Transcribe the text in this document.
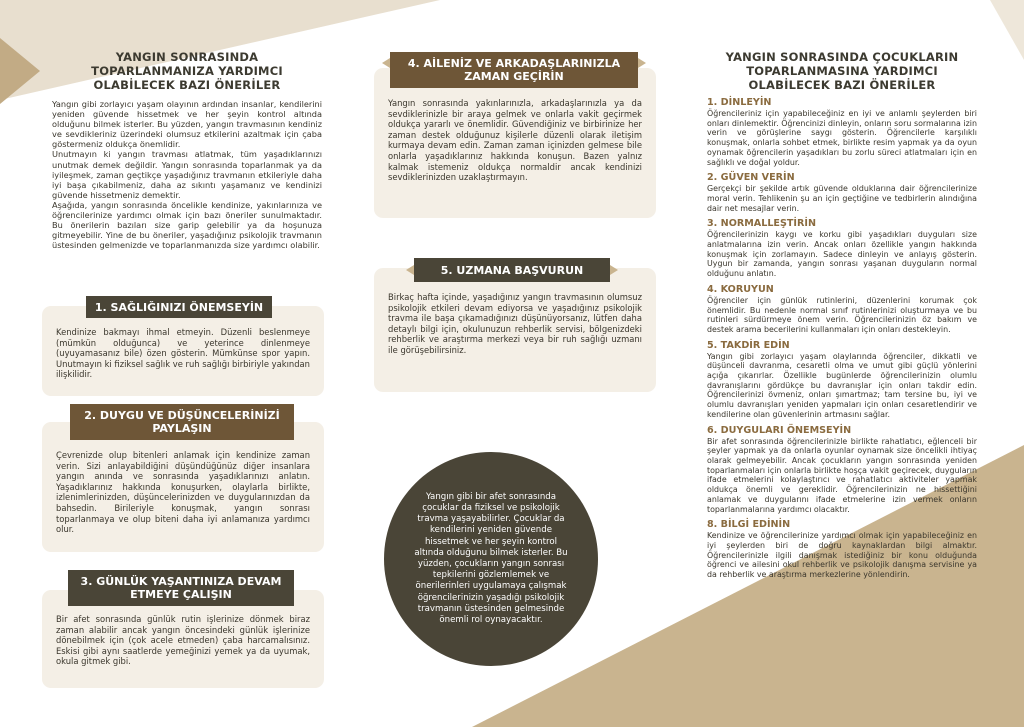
YANGIN SONRASINDA TOPARLANMANIZA YARDIMCI OLABİLECEK BAZI ÖNERİLER
Yangın gibi zorlayıcı yaşam olayının ardından insanlar, kendilerini yeniden güvende hissetmek ve her şeyin kontrol altında olduğunu bilmek isterler. Bu yüzden, yangın travmasının kendiniz ve sevdikleriniz üzerindeki olumsuz etkilerini azaltmak için çaba göstermeniz oldukça önemlidir.
Unutmayın ki yangın travması atlatmak, tüm yaşadıklarınızı unutmak demek değildir. Yangın sonrasında toparlanmak ya da iyileşmek, zaman geçtikçe yaşadığınız travmanın etkileriyle daha iyi başa çıkabilmeniz, daha az sıkıntı yaşamanız ve kendinizi güvende hissetmeniz demektir.
Aşağıda, yangın sonrasında öncelikle kendinize, yakınlarınıza ve öğrencilerinize yardımcı olmak için bazı öneriler sunulmaktadır. Bu önerilerin bazıları size garip gelebilir ya da hoşunuza gitmeyebilir. Yine de bu öneriler, yaşadığınız psikolojik travmanın üstesinden gelmenizde ve toparlanmanızda size yardımcı olabilir.
Kendinize bakmayı ihmal etmeyin. Düzenli beslenmeye (mümkün olduğunca) ve yeterince dinlenmeye (uyuyamasanız bile) özen gösterin. Mümkünse spor yapın. Unutmayın ki fiziksel sağlık ve ruh sağlığı birbiriyle yakından ilişkilidir.
1. SAĞLIĞINIZI ÖNEMSEYİN
Çevrenizde olup bitenleri anlamak için kendinize zaman verin. Sizi anlayabildiğini düşündüğünüz diğer insanlara yangın anında ve sonrasında yaşadıklarınızı anlatın. Yaşadıklarınız hakkında konuşurken, olaylarla birlikte, izlenimlerinizden, düşüncelerinizden ve duygularınızdan da bahsedin. Birileriyle konuşmak, yangın sonrası toparlanmaya ve olup biteni daha iyi anlamanıza yardımcı olur.
2. DUYGU VE DÜŞÜNCELERİNİZİ PAYLAŞIN
Bir afet sonrasında günlük rutin işlerinize dönmek biraz zaman alabilir ancak yangın öncesindeki günlük işlerinize dönebilmek için (çok acele etmeden) çaba harcamalısınız. Eskisi gibi aynı saatlerde yemeğinizi yemek ya da uyumak, okula gitmek gibi.
3. GÜNLÜK YAŞANTINIZA DEVAM ETMEYE ÇALIŞIN
Yangın sonrasında yakınlarınızla, arkadaşlarınızla ya da sevdiklerinizle bir araya gelmek ve onlarla vakit geçirmek oldukça yararlı ve önemlidir. Güvendiğiniz ve birbirinize her zaman destek olduğunuz kişilerle düzenli olarak iletişim kurmaya devam edin. Zaman zaman içinizden gelmese bile onlarla yaşadıklarınız hakkında konuşun. Bazen yalnız kalmak istemeniz oldukça normaldir ancak kendinizi sevdiklerinizden uzaklaştırmayın.
4. AİLENİZ VE ARKADAŞLARINIZLA ZAMAN GEÇİRİN
Birkaç hafta içinde, yaşadığınız yangın travmasının olumsuz psikolojik etkileri devam ediyorsa ve yaşadığınız psikolojik travma ile başa çıkamadığınızı düşünüyorsanız, lütfen daha detaylı bilgi için, okulunuzun rehberlik servisi, bölgenizdeki rehberlik ve araştırma merkezi veya bir ruh sağlığı uzmanı ile görüşebilirsiniz.
5. UZMANA BAŞVURUN
Yangın gibi bir afet sonrasında çocuklar da fiziksel ve psikolojik travma yaşayabilirler. Çocuklar da kendilerini yeniden güvende hissetmek ve her şeyin kontrol altında olduğunu bilmek isterler. Bu yüzden, çocukların yangın sonrası tepkilerini gözlemlemek ve önerilerinleri uygulamaya çalışmak öğrencilerinizin yaşadığı psikolojik travmanın üstesinden gelmesinde önemli rol oynayacaktır.
YANGIN SONRASINDA ÇOCUKLARIN TOPARLANMASINA YARDIMCI OLABİLECEK BAZI ÖNERİLER
1. DİNLEYİN
Öğrencileriniz için yapabileceğiniz en iyi ve anlamlı şeylerden biri onları dinlemektir. Öğrencinizi dinleyin, onların soru sormalarına izin verin ve görüşlerine saygı gösterin. Öğrencilerle karşılıklı konuşmak, onlarla sohbet etmek, birlikte resim yapmak ya da oyun oynamak öğrencilerin yaşadıkları bu zorlu süreci atlatmaları için en sağlıklı ve doğal yoldur.
2. GÜVEN VERİN
Gerçekçi bir şekilde artık güvende olduklarına dair öğrencilerinize moral verin. Tehlikenin şu an için geçtiğine ve tedbirlerin alındığına dair net mesajlar verin.
3. NORMALLEŞTİRİN
Öğrencilerinizin kaygı ve korku gibi yaşadıkları duyguları size anlatmalarına izin verin. Ancak onları özellikle yangın hakkında konuşmak için zorlamayın. Sadece dinleyin ve anlayış gösterin. Uygun bir zamanda, yangın sonrası yaşanan duyguların normal olduğunu anlatın.
4. KORUYUN
Öğrenciler için günlük rutinlerini, düzenlerini korumak çok önemlidir. Bu nedenle normal sınıf rutinlerinizi oluşturmaya ve bu rutinleri sürdürmeye önem verin. Öğrencilerinizin öz bakım ve destek arama becerilerini kullanmaları için onları destekleyin.
5. TAKDİR EDİN
Yangın gibi zorlayıcı yaşam olaylarında öğrenciler, dikkatli ve düşünceli davranma, cesaretli olma ve umut gibi güçlü yönlerini açığa çıkarırlar. Özellikle bugünlerde öğrencilerinizin olumlu davranışlarını gördükçe bu davranışlar için onları takdir edin. Öğrencilerinizi övmeniz, onları şımartmaz; tam tersine bu, iyi ve olumlu davranışları yeniden yapmaları için onları cesaretlendirir ve kendilerine olan güvenlerinin artmasını sağlar.
6. DUYGULARI ÖNEMSEYİN
Bir afet sonrasında öğrencilerinizle birlikte rahatlatıcı, eğlenceli bir şeyler yapmak ya da onlarla oyunlar oynamak size öncelikli ihtiyaç olarak gelmeyebilir. Ancak çocukların yangın sonrasında yeniden toparlanmaları için onlarla birlikte hoşça vakit geçirecek, duyguların ifade etmelerini kolaylaştırıcı ve rahatlatıcı aktiviteler yapmak oldukça önemli ve gereklidir. Öğrencilerinizin ne hissettiğini anlamak ve duygularını ifade etmelerine izin vermek onların toparlanmalarına yardımcı olacaktır.
8. BİLGİ EDİNİN
Kendinize ve öğrencilerinize yardımcı olmak için yapabileceğiniz en iyi şeylerden biri de doğru kaynaklardan bilgi almaktır. Öğrencilerinizle ilgili danışmak istediğiniz bir konu olduğunda öğrenci ve ailesini okul rehberlik ve psikolojik danışma servisine ya da rehberlik ve araştırma merkezlerine yönlendirin.
